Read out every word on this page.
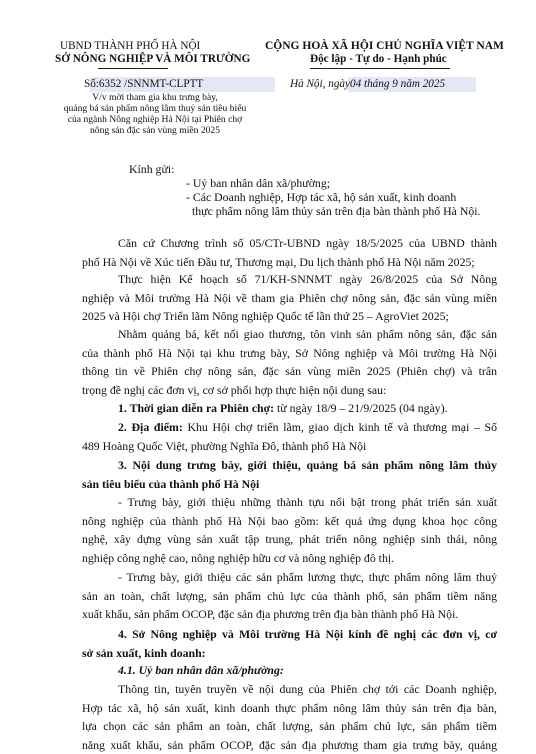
UBND THÀNH PHỐ HÀ NỘI
SỞ NÔNG NGHIỆP VÀ MÔI TRƯỜNG
CỘNG HOÀ XÃ HỘI CHỦ NGHĨA VIỆT NAM
Độc lập - Tự do - Hạnh phúc
Số:6352 /SNNMT-CLPTT	Hà Nội, ngày04 tháng 9 năm 2025
V/v mời tham gia khu trưng bày,
quảng bá sản phẩm nông lâm thuỷ sản tiêu biểu
của ngành Nông nghiệp Hà Nội tại Phiên chợ
nông sản đặc sản vùng miền 2025
Kính gửi:
- Uỷ ban nhân dân xã/phường;
- Các Doanh nghiệp, Hợp tác xã, hộ sản xuất, kinh doanh
thực phẩm nông lâm thủy sản trên địa bàn thành phố Hà Nội.
Căn cứ Chương trình số 05/CTr-UBND ngày 18/5/2025 của UBND thành
phố Hà Nội về Xúc tiến Đầu tư, Thương mại, Du lịch thành phố Hà Nội năm 2025;
Thực hiện Kế hoạch số 71/KH-SNNMT ngày 26/8/2025 của Sở Nông
nghiệp và Môi trường Hà Nội về tham gia Phiên chợ nông sản, đặc sản vùng miền
2025 và Hội chợ Triển lãm Nông nghiệp Quốc tế lần thứ 25 – AgroViet 2025;
Nhằm quảng bá, kết nối giao thương, tôn vinh sản phẩm nông sản, đặc sản
của thành phố Hà Nội tại khu trưng bày, Sở Nông nghiệp và Môi trường Hà Nội
thông tin về Phiên chợ nông sản, đặc sản vùng miền 2025 (Phiên chợ) và trân
trọng đề nghị các đơn vị, cơ sở phối hợp thực hiện nội dung sau:
1. Thời gian diễn ra Phiên chợ: từ ngày 18/9 – 21/9/2025 (04 ngày).
2. Địa điểm: Khu Hội chợ triển lãm, giao dịch kinh tế và thương mại – Số
489 Hoàng Quốc Việt, phường Nghĩa Đô, thành phố Hà Nội
3. Nội dung trưng bày, giới thiệu, quảng bá sản phẩm nông lâm thủy
sản tiêu biểu của thành phố Hà Nội
- Trưng bày, giới thiệu những thành tựu nổi bật trong phát triển sản xuất
nông nghiệp của thành phố Hà Nội bao gồm: kết quả ứng dụng khoa học công
nghệ, xây dựng vùng sản xuất tập trung, phát triển nông nghiệp sinh thái, nông
nghiệp công nghệ cao, nông nghiệp hữu cơ và nông nghiệp đô thị.
- Trưng bày, giới thiệu các sản phẩm lương thực, thực phẩm nông lâm thuỷ
sản an toàn, chất lượng, sản phẩm chủ lực của thành phố, sản phẩm tiềm năng
xuất khẩu, sản phẩm OCOP, đặc sản địa phương trên địa bàn thành phố Hà Nội.
4. Sở Nông nghiệp và Môi trường Hà Nội kính đề nghị các đơn vị, cơ
sở sản xuất, kinh doanh:
4.1. Uỷ ban nhân dân xã/phường:
Thông tin, tuyên truyền về nội dung của Phiên chợ tới các Doanh nghiệp,
Hợp tác xã, hộ sản xuất, kinh doanh thực phẩm nông lâm thủy sản trên địa bàn,
lựa chọn các sản phẩm an toàn, chất lượng, sản phẩm chủ lực, sản phẩm tiềm
năng xuất khẩu, sản phẩm OCOP, đặc sản địa phương tham gia trưng bày, quảng
